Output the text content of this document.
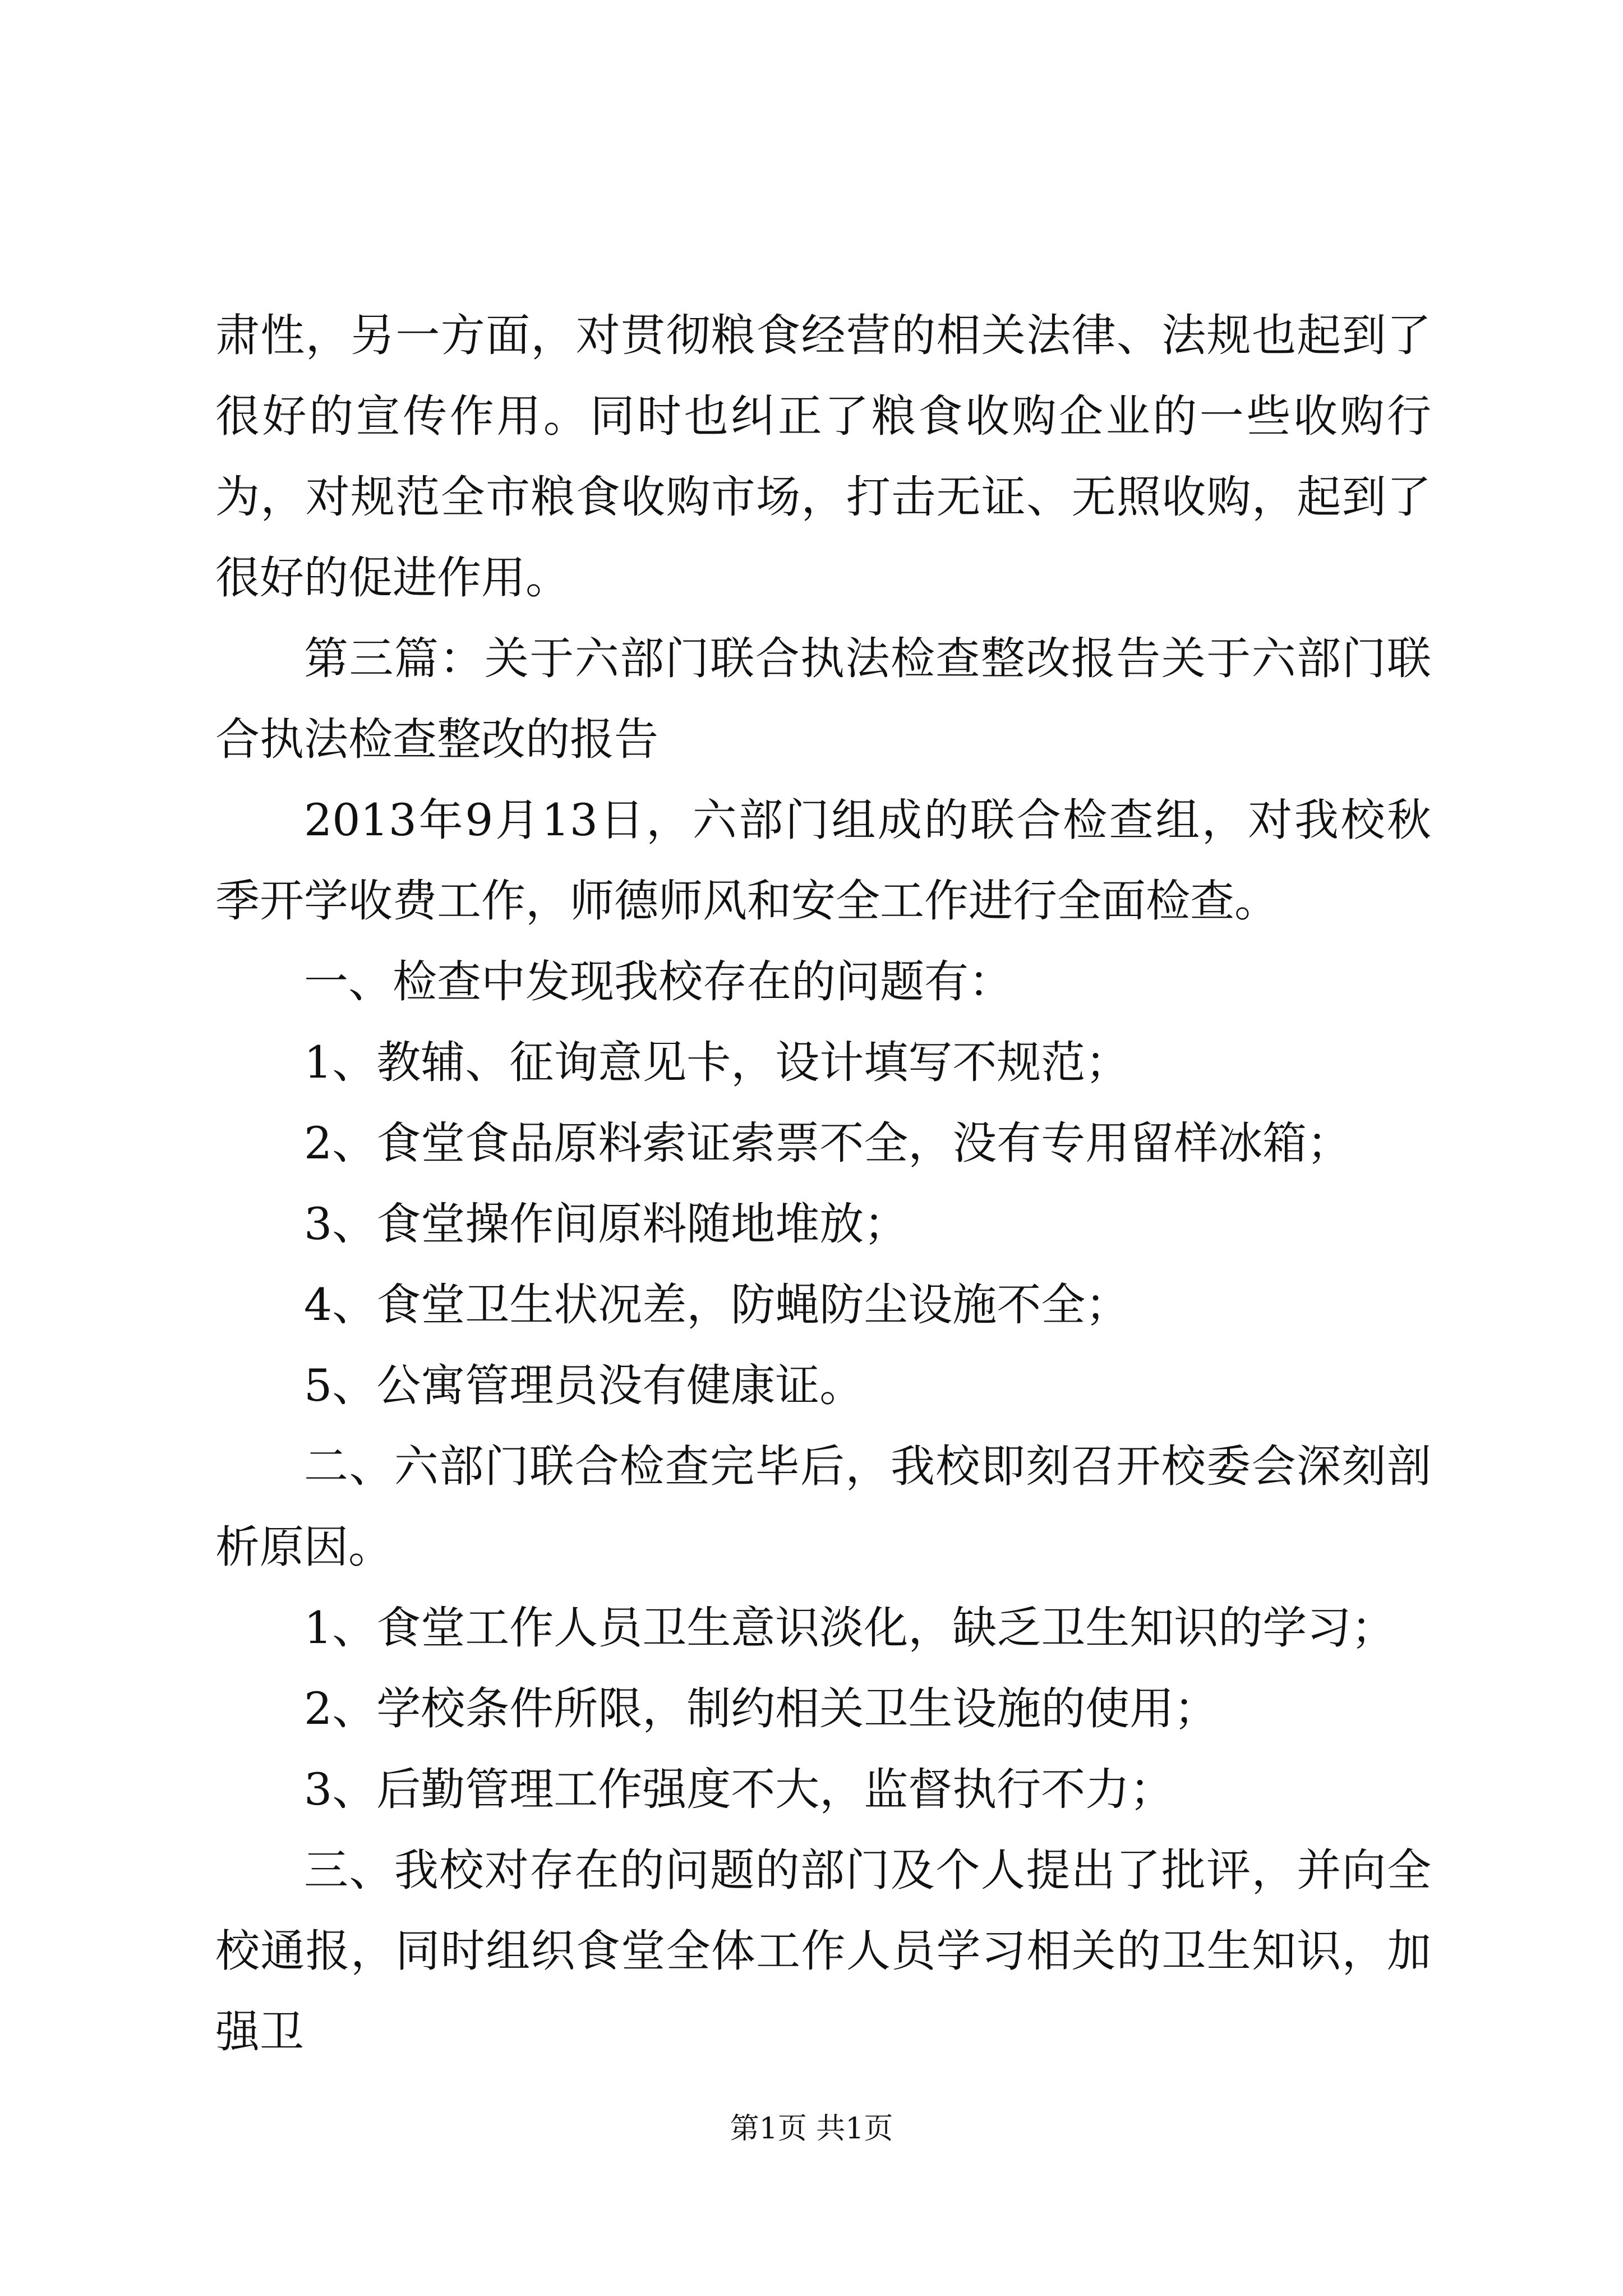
肃性，另一方面，对贯彻粮食经营的相关法律、法规也起到了很好的宣传作用。同时也纠正了粮食收购企业的一些收购行为，对规范全市粮食收购市场，打击无证、无照收购，起到了很好的促进作用。

第三篇：关于六部门联合执法检查整改报告关于六部门联合执法检查整改的报告

2013年9月13日，六部门组成的联合检查组，对我校秋季开学收费工作，师德师风和安全工作进行全面检查。

一、检查中发现我校存在的问题有：

1、教辅、征询意见卡，设计填写不规范；

2、食堂食品原料索证索票不全，没有专用留样冰箱；

3、食堂操作间原料随地堆放；

4、食堂卫生状况差，防蝇防尘设施不全；

5、公寓管理员没有健康证。

二、六部门联合检查完毕后，我校即刻召开校委会深刻剖析原因。

1、食堂工作人员卫生意识淡化，缺乏卫生知识的学习；

2、学校条件所限，制约相关卫生设施的使用；

3、后勤管理工作强度不大，监督执行不力；

三、我校对存在的问题的部门及个人提出了批评，并向全校通报，同时组织食堂全体工作人员学习相关的卫生知识，加强卫

第1页 共1页
